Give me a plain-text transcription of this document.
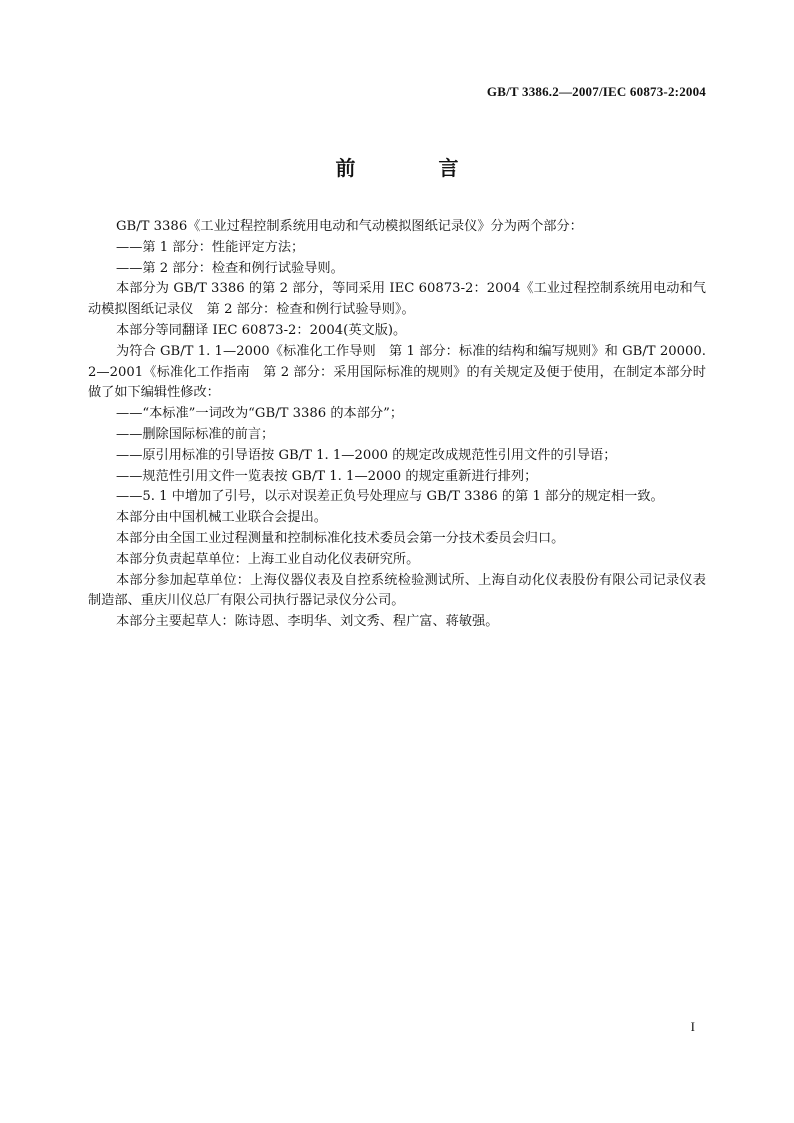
GB/T 3386.2—2007/IEC 60873-2:2004
前 言

GB/T 3386《工业过程控制系统用电动和气动模拟图纸记录仪》分为两个部分：

——第 1 部分：性能评定方法；

——第 2 部分：检查和例行试验导则。

本部分为 GB/T 3386 的第 2 部分，等同采用 IEC 60873-2：2004《工业过程控制系统用电动和气动模拟图纸记录仪　第 2 部分：检查和例行试验导则》。

本部分等同翻译 IEC 60873-2：2004(英文版)。

为符合 GB/T 1. 1—2000《标准化工作导则　第 1 部分：标准的结构和编写规则》和 GB/T 20000. 2—2001《标准化工作指南　第 2 部分：采用国际标准的规则》的有关规定及便于使用，在制定本部分时做了如下编辑性修改：

——“本标准”一词改为“GB/T 3386 的本部分”；

——删除国际标准的前言；

——原引用标准的引导语按 GB/T 1. 1—2000 的规定改成规范性引用文件的引导语；

——规范性引用文件一览表按 GB/T 1. 1—2000 的规定重新进行排列；

——5. 1 中增加了引号，以示对误差正负号处理应与 GB/T 3386 的第 1 部分的规定相一致。

本部分由中国机械工业联合会提出。

本部分由全国工业过程测量和控制标准化技术委员会第一分技术委员会归口。

本部分负责起草单位：上海工业自动化仪表研究所。

本部分参加起草单位：上海仪器仪表及自控系统检验测试所、上海自动化仪表股份有限公司记录仪表制造部、重庆川仪总厂有限公司执行器记录仪分公司。

本部分主要起草人：陈诗恩、李明华、刘文秀、程广富、蒋敏强。

I
